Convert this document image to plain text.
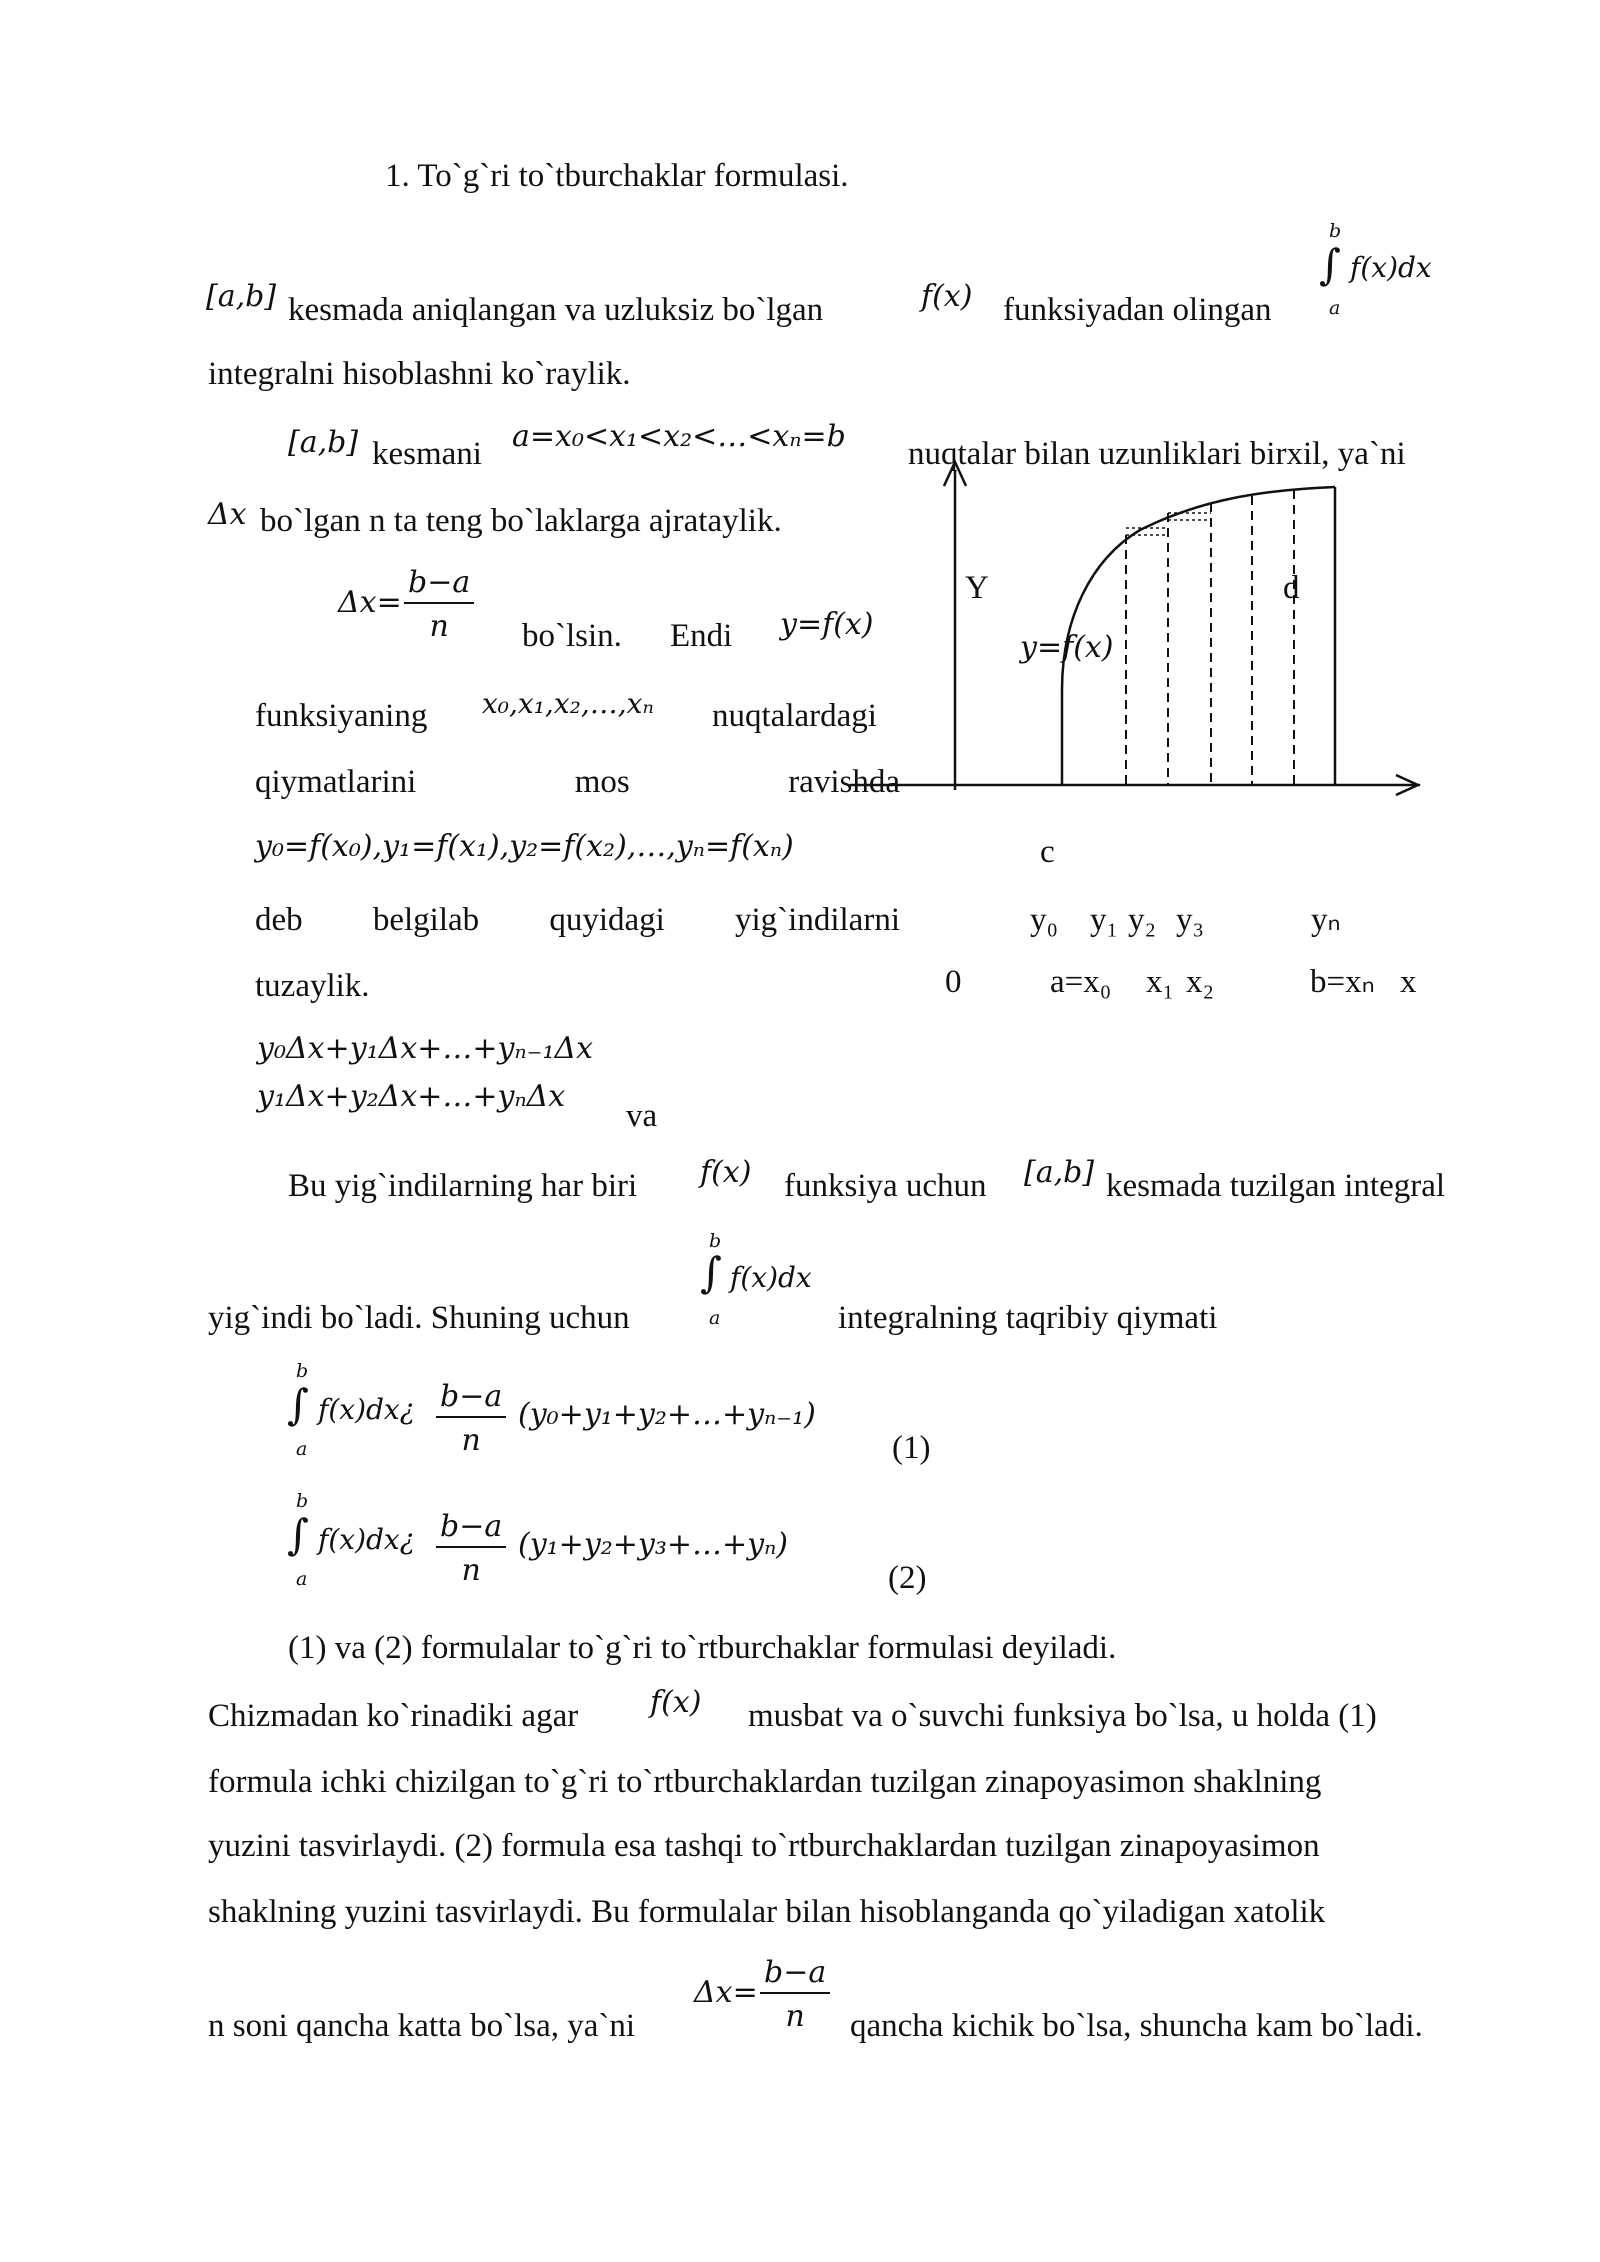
1. To`g`ri to`tburchaklar formulasi.
[a,b] kesmada aniqlangan va uzluksiz bo`lgan	f(x) funksiyadan olingan
b
∫
a
f(x)dx
integralni hisoblashni ko`raylik.
[a,b] kesmani a=x₀<x₁<x₂<…<xₙ=b nuqtalar bilan uzunliklari birxil, ya`ni
Δx bo`lgan n ta teng bo`laklarga ajrataylik.
$\Delta x= \frac{b-a}{n}$ bo`lsin. Endi y=f(x)
funksiyaning x₀,x₁,x₂,…,xₙ nuqtalardagi
qiymatlarini	mos	ravishda
y₀=f(x₀),y₁=f(x₁),y₂=f(x₂),…,yₙ=f(xₙ)
deb belgilab quyidagi yig`indilarni
tuzaylik.
y₀Δx+y₁Δx+…+yₙ₋₁Δx
y₁Δx+y₂Δx+…+yₙΔx
va
Y	d
y=f(x)
c
y₀ y₁ y₂ y₃	yₙ
0	a=x₀ x₁ x₂	b=xₙ x
Bu yig`indilarning har biri f(x) funksiya uchun [a,b] kesmada tuzilgan integral
yig`indi bo`ladi. Shuning uchun
b
∫
a
f(x)dx
integralning taqribiy qiymati
b
∫
a
f(x)dx¿ $\frac{b-a}{n}$ (y₀+y₁+y₂+…+yₙ₋₁)
(1)
b
∫
a
f(x)dx¿ $\frac{b-a}{n}$ (y₁+y₂+y₃+…+yₙ)
(2)
(1) va (2) formulalar to`g`ri to`rtburchaklar formulasi deyiladi.
Chizmadan ko`rinadiki agar f(x) musbat va o`suvchi funksiya bo`lsa, u holda (1)
formula ichki chizilgan to`g`ri to`rtburchaklardan tuzilgan zinapoyasimon shaklning
yuzini tasvirlaydi. (2) formula esa tashqi to`rtburchaklardan tuzilgan zinapoyasimon
shaklning yuzini tasvirlaydi. Bu formulalar bilan hisoblanganda qo`yiladigan xatolik
n soni qancha katta bo`lsa, ya`ni
$\Delta x= \frac{b-a}{n}$ qancha kichik bo`lsa, shuncha kam bo`ladi.
